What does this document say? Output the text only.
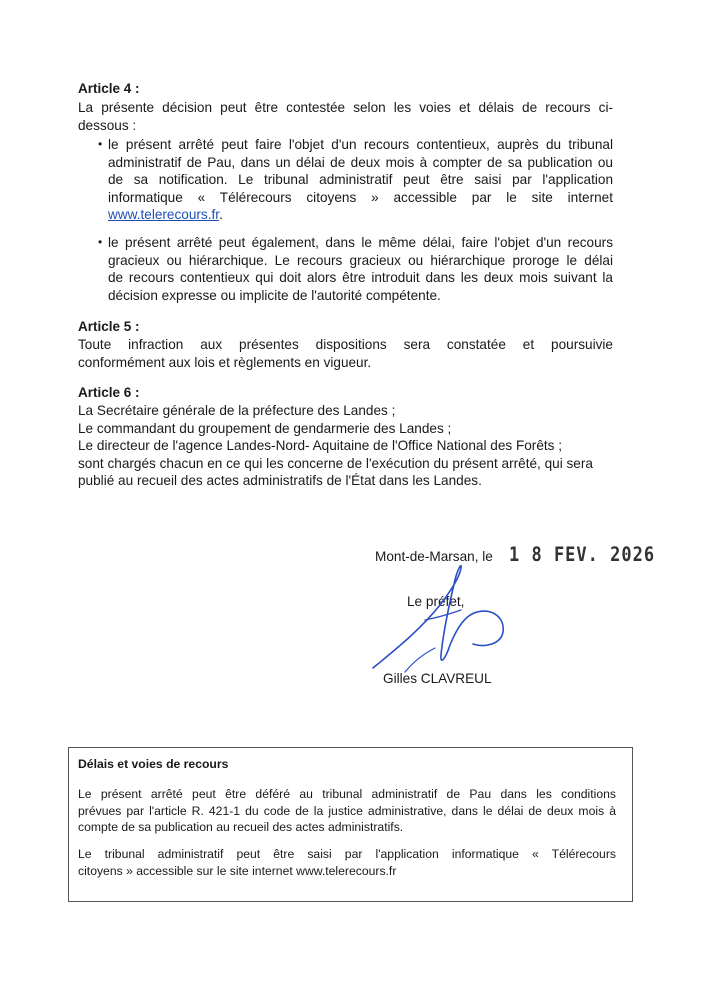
Article 4 :
La présente décision peut être contestée selon les voies et délais de recours ci-
dessous :
• le présent arrêté peut faire l'objet d'un recours contentieux, auprès du tribunal
administratif de Pau, dans un délai de deux mois à compter de sa publication ou
de sa notification. Le tribunal administratif peut être saisi par l'application
informatique « Télérecours citoyens » accessible par le site internet
www.telerecours.fr.
• le présent arrêté peut également, dans le même délai, faire l'objet d'un recours
gracieux ou hiérarchique. Le recours gracieux ou hiérarchique proroge le délai
de recours contentieux qui doit alors être introduit dans les deux mois suivant la
décision expresse ou implicite de l'autorité compétente.
Article 5 :
Toute infraction aux présentes dispositions sera constatée et poursuivie
conformément aux lois et règlements en vigueur.
Article 6 :
La Secrétaire générale de la préfecture des Landes ;
Le commandant du groupement de gendarmerie des Landes ;
Le directeur de l'agence Landes-Nord- Aquitaine de l'Office National des Forêts ;
sont chargés chacun en ce qui les concerne de l'exécution du présent arrêté, qui sera
publié au recueil des actes administratifs de l'État dans les Landes.
Mont-de-Marsan, le 1 8 FEV. 2026
Le préfet,
Gilles CLAVREUL
Délais et voies de recours
Le présent arrêté peut être déféré au tribunal administratif de Pau dans les conditions
prévues par l'article R. 421-1 du code de la justice administrative, dans le délai de deux mois à
compte de sa publication au recueil des actes administratifs.
Le tribunal administratif peut être saisi par l'application informatique « Télérecours
citoyens » accessible sur le site internet www.telerecours.fr
